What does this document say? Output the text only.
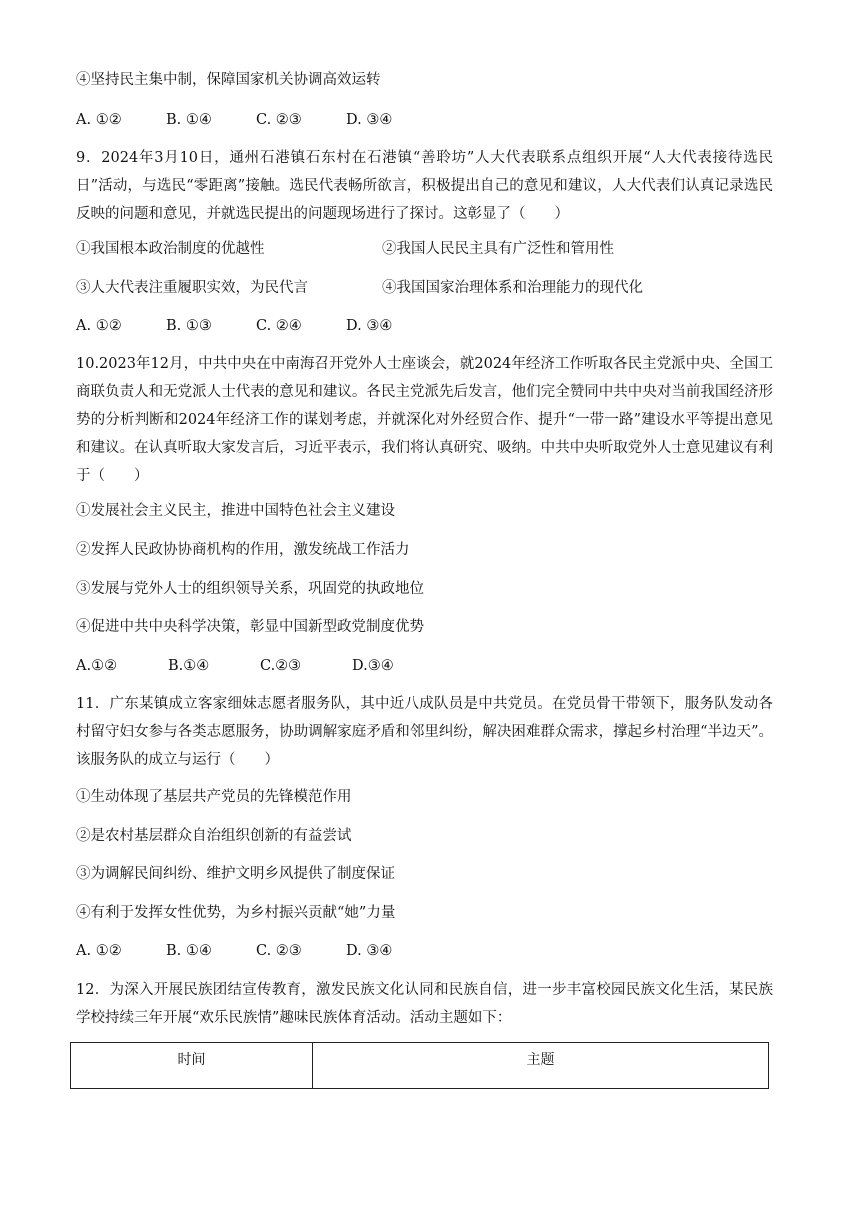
④坚持民主集中制，保障国家机关协调高效运转
A. ①②	B. ①④	C. ②③	D. ③④
9．2024年3月10日，通州石港镇石东村在石港镇“善聆坊”人大代表联系点组织开展“人大代表接待选民日”活动，与选民“零距离”接触。选民代表畅所欲言，积极提出自己的意见和建议，人大代表们认真记录选民反映的问题和意见，并就选民提出的问题现场进行了探讨。这彰显了（　　）
①我国根本政治制度的优越性	②我国人民民主具有广泛性和管用性
③人大代表注重履职实效，为民代言	④我国国家治理体系和治理能力的现代化
A. ①②	B. ①③	C. ②④	D. ③④
10.2023年12月，中共中央在中南海召开党外人士座谈会，就2024年经济工作听取各民主党派中央、全国工商联负责人和无党派人士代表的意见和建议。各民主党派先后发言，他们完全赞同中共中央对当前我国经济形势的分析判断和2024年经济工作的谋划考虑，并就深化对外经贸合作、提升“一带一路”建设水平等提出意见和建议。在认真听取大家发言后，习近平表示，我们将认真研究、吸纳。中共中央听取党外人士意见建议有利于（　　）
①发展社会主义民主，推进中国特色社会主义建设
②发挥人民政协协商机构的作用，激发统战工作活力
③发展与党外人士的组织领导关系，巩固党的执政地位
④促进中共中央科学决策，彰显中国新型政党制度优势
A.①②	B.①④	C.②③	D.③④
11．广东某镇成立客家细妹志愿者服务队，其中近八成队员是中共党员。在党员骨干带领下，服务队发动各村留守妇女参与各类志愿服务，协助调解家庭矛盾和邻里纠纷，解决困难群众需求，撑起乡村治理“半边天”。该服务队的成立与运行（　　）
①生动体现了基层共产党员的先锋模范作用
②是农村基层群众自治组织创新的有益尝试
③为调解民间纠纷、维护文明乡风提供了制度保证
④有利于发挥女性优势，为乡村振兴贡献“她”力量
A. ①②	B. ①④	C. ②③	D. ③④
12．为深入开展民族团结宣传教育，激发民族文化认同和民族自信，进一步丰富校园民族文化生活，某民族学校持续三年开展“欢乐民族情”趣味民族体育活动。活动主题如下：
时间	主题
